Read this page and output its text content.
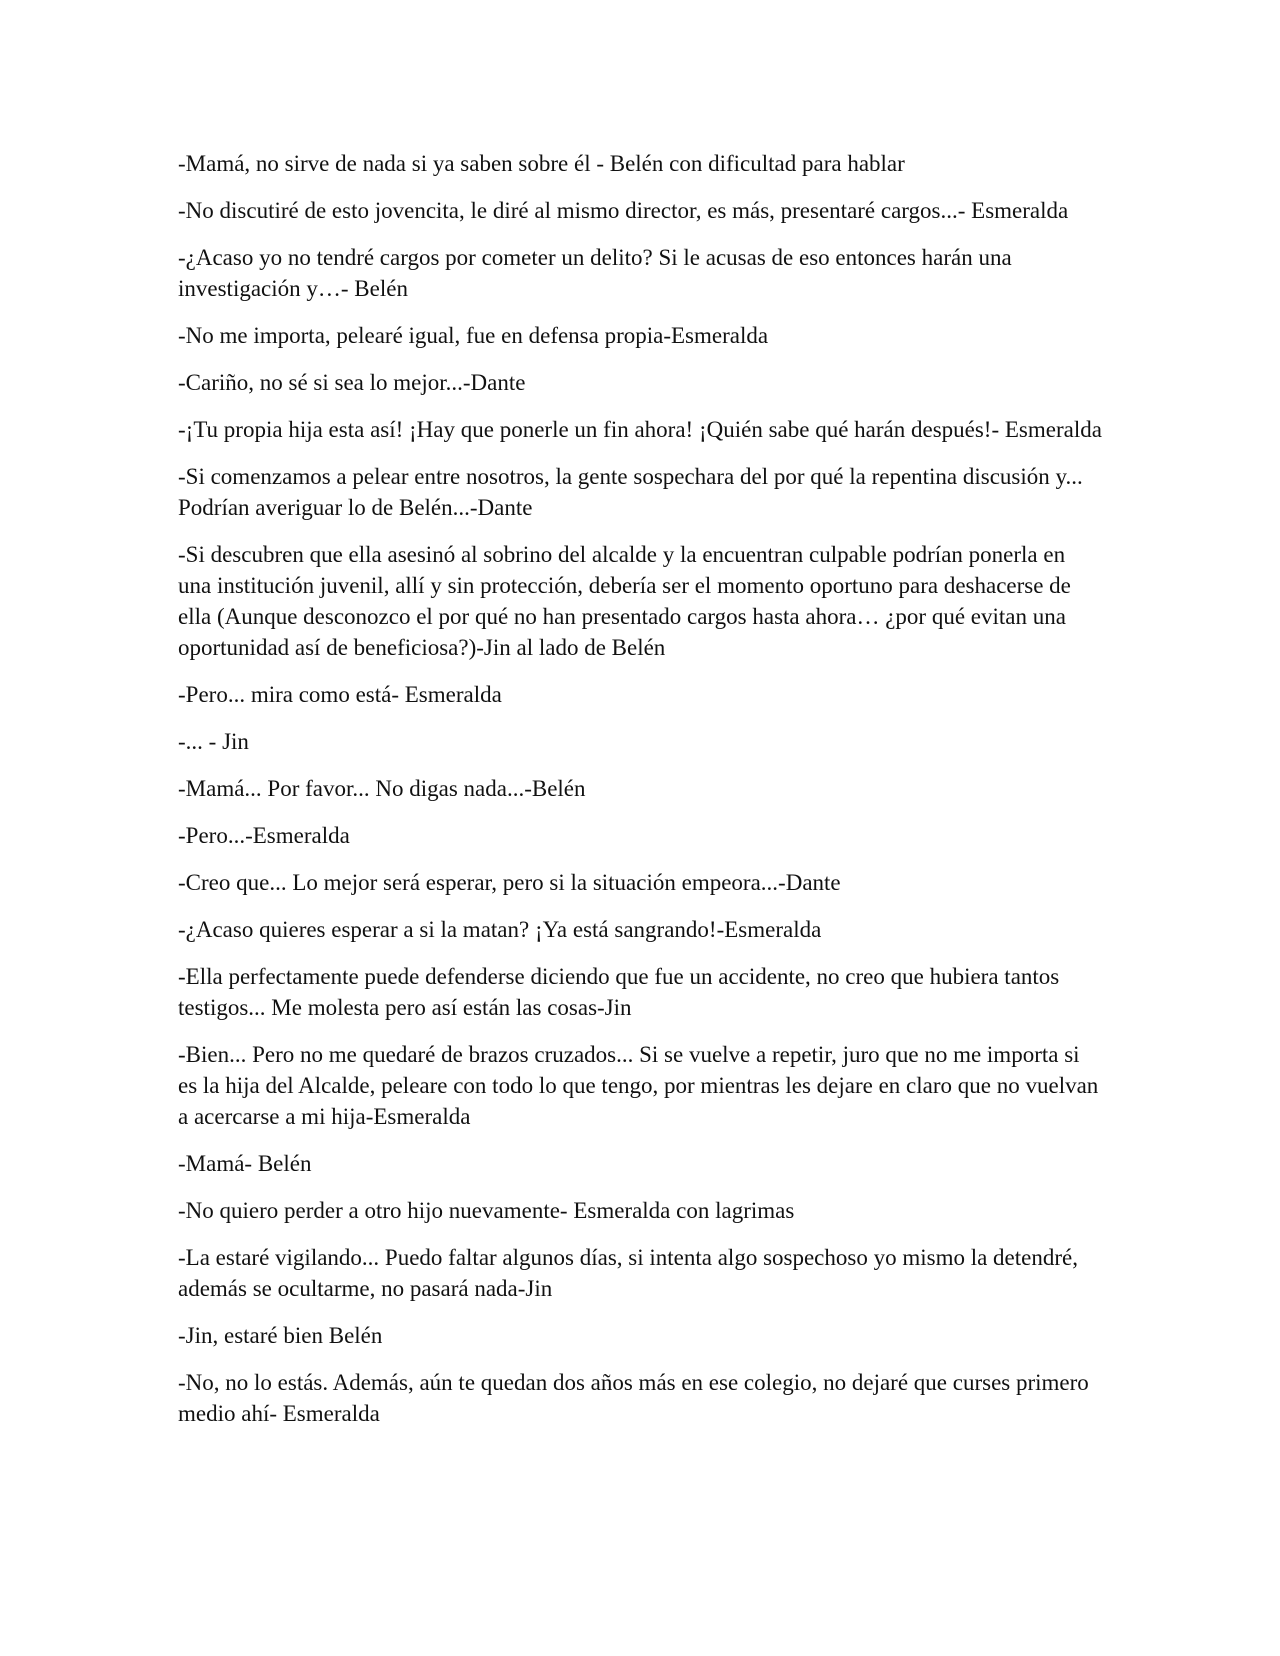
-Mamá, no sirve de nada si ya saben sobre él - Belén con dificultad para hablar

-No discutiré de esto jovencita, le diré al mismo director, es más, presentaré cargos...- Esmeralda

-¿Acaso yo no tendré cargos por cometer un delito? Si le acusas de eso entonces harán una investigación y…- Belén

-No me importa, pelearé igual, fue en defensa propia-Esmeralda

-Cariño, no sé si sea lo mejor...-Dante

-¡Tu propia hija esta así! ¡Hay que ponerle un fin ahora! ¡Quién sabe qué harán después!- Esmeralda

-Si comenzamos a pelear entre nosotros, la gente sospechara del por qué la repentina discusión y... Podrían averiguar lo de Belén...-Dante

-Si descubren que ella asesinó al sobrino del alcalde y la encuentran culpable podrían ponerla en una institución juvenil, allí y sin protección, debería ser el momento oportuno para deshacerse de ella (Aunque desconozco el por qué no han presentado cargos hasta ahora… ¿por qué evitan una oportunidad así de beneficiosa?)-Jin al lado de Belén

-Pero... mira como está- Esmeralda

-... - Jin

-Mamá... Por favor... No digas nada...-Belén

-Pero...-Esmeralda

-Creo que... Lo mejor será esperar, pero si la situación empeora...-Dante

-¿Acaso quieres esperar a si la matan? ¡Ya está sangrando!-Esmeralda

-Ella perfectamente puede defenderse diciendo que fue un accidente, no creo que hubiera tantos testigos... Me molesta pero así están las cosas-Jin

-Bien... Pero no me quedaré de brazos cruzados... Si se vuelve a repetir, juro que no me importa si es la hija del Alcalde, peleare con todo lo que tengo, por mientras les dejare en claro que no vuelvan a acercarse a mi hija-Esmeralda

-Mamá- Belén

-No quiero perder a otro hijo nuevamente- Esmeralda con lagrimas

-La estaré vigilando... Puedo faltar algunos días, si intenta algo sospechoso yo mismo la detendré, además se ocultarme, no pasará nada-Jin

-Jin, estaré bien Belén

-No, no lo estás. Además, aún te quedan dos años más en ese colegio, no dejaré que curses primero medio ahí- Esmeralda
